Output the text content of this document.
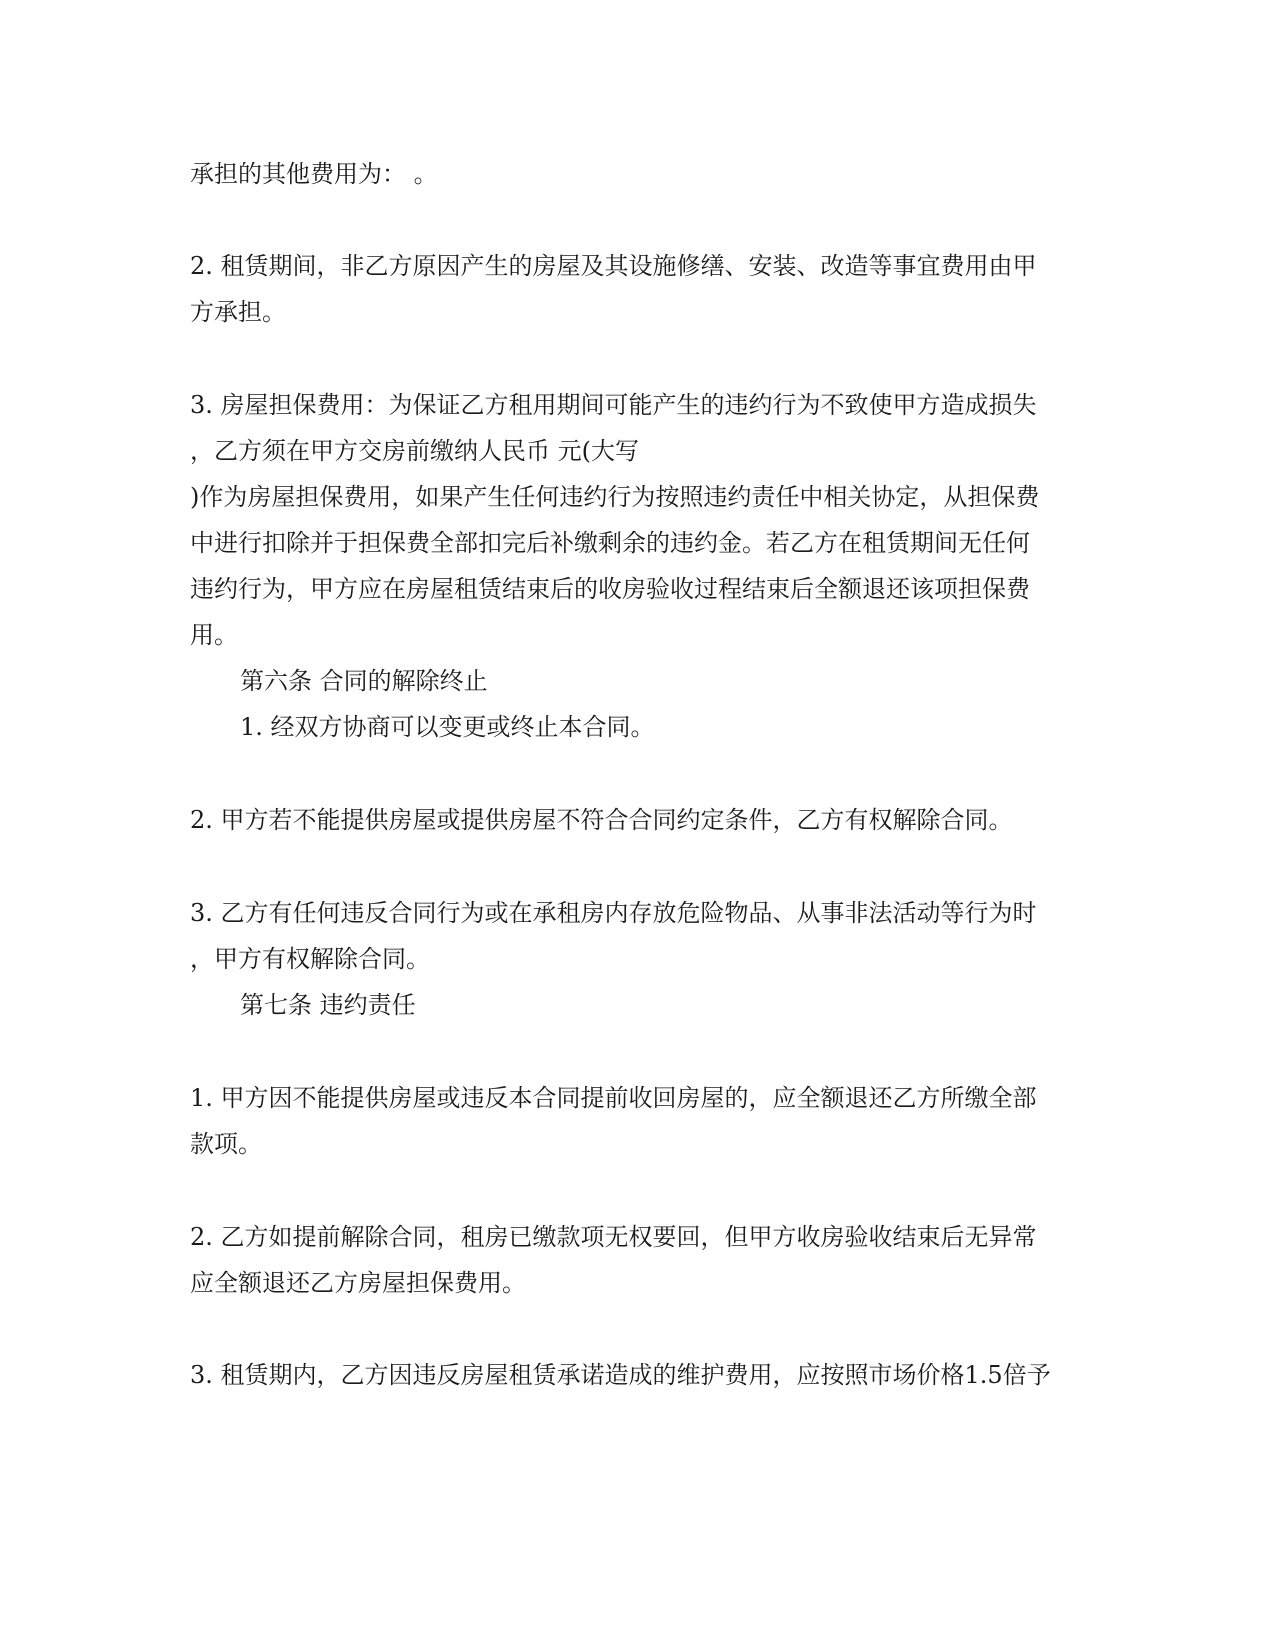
承担的其他费用为： 。
2. 租赁期间，非乙方原因产生的房屋及其设施修缮、安装、改造等事宜费用由甲
方承担。
3. 房屋担保费用：为保证乙方租用期间可能产生的违约行为不致使甲方造成损失
，乙方须在甲方交房前缴纳人民币 元(大写
)作为房屋担保费用，如果产生任何违约行为按照违约责任中相关协定，从担保费
中进行扣除并于担保费全部扣完后补缴剩余的违约金。若乙方在租赁期间无任何
违约行为，甲方应在房屋租赁结束后的收房验收过程结束后全额退还该项担保费
用。
第六条 合同的解除终止
1. 经双方协商可以变更或终止本合同。
2. 甲方若不能提供房屋或提供房屋不符合合同约定条件，乙方有权解除合同。
3. 乙方有任何违反合同行为或在承租房内存放危险物品、从事非法活动等行为时
，甲方有权解除合同。
第七条 违约责任
1. 甲方因不能提供房屋或违反本合同提前收回房屋的，应全额退还乙方所缴全部
款项。
2. 乙方如提前解除合同，租房已缴款项无权要回，但甲方收房验收结束后无异常
应全额退还乙方房屋担保费用。
3. 租赁期内，乙方因违反房屋租赁承诺造成的维护费用，应按照市场价格1.5倍予
